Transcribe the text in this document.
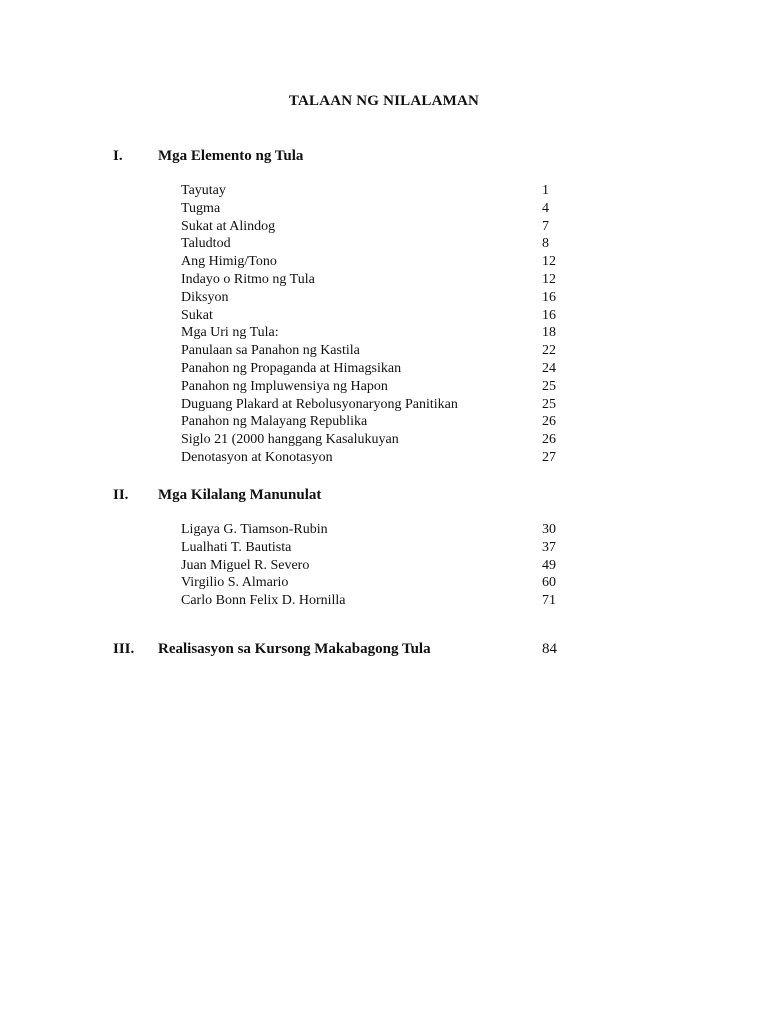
TALAAN NG NILALAMAN
I. Mga Elemento ng Tula
Tayutay	1
Tugma	4
Sukat at Alindog	7
Taludtod	8
Ang Himig/Tono	12
Indayo o Ritmo ng Tula	12
Diksyon	16
Sukat	16
Mga Uri ng Tula:	18
Panulaan sa Panahon ng Kastila	22
Panahon ng Propaganda at Himagsikan	24
Panahon ng Impluwensiya ng Hapon	25
Duguang Plakard at Rebolusyonaryong Panitikan	25
Panahon ng Malayang Republika	26
Siglo 21 (2000 hanggang Kasalukuyan	26
Denotasyon at Konotasyon	27
II. Mga Kilalang Manunulat
Ligaya G. Tiamson-Rubin	30
Lualhati T. Bautista	37
Juan Miguel R. Severo	49
Virgilio S. Almario	60
Carlo Bonn Felix D. Hornilla	71
III. Realisasyon sa Kursong Makabagong Tula	84
